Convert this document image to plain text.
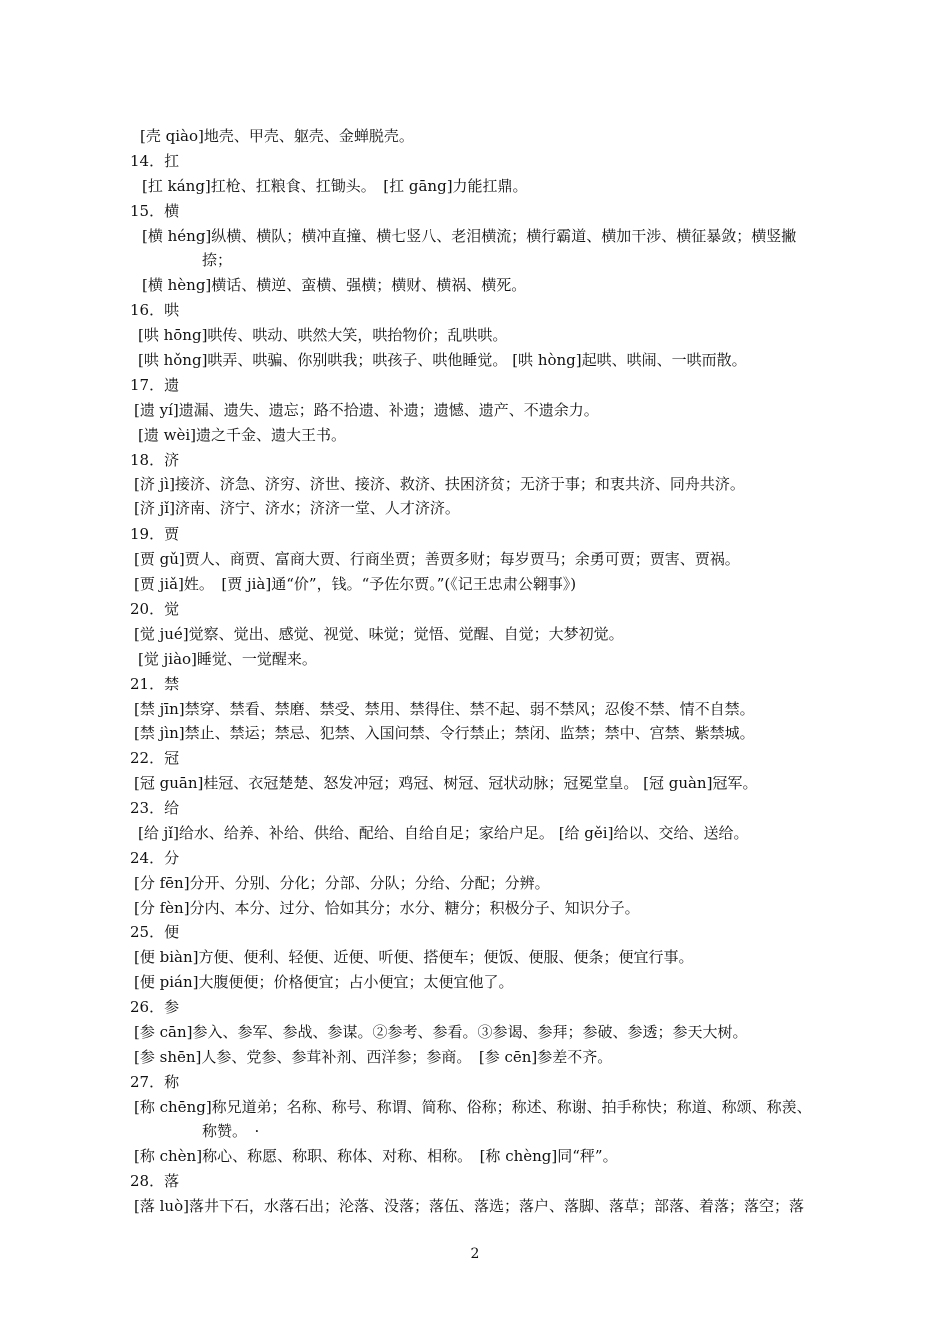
[壳 qiào]地壳、甲壳、躯壳、金蝉脱壳。
14．扛
[扛 káng]扛枪、扛粮食、扛锄头。　[扛 gāng]力能扛鼎。
15．横
[横 héng]纵横、横队；横冲直撞、横七竖八、老泪横流；横行霸道、横加干涉、横征暴敛；横竖撇
捺；
[横 hèng]横话、横逆、蛮横、强横；横财、横祸、横死。
16．哄
[哄 hōng]哄传、哄动、哄然大笑，哄抬物价；乱哄哄。
[哄 hǒng]哄弄、哄骗、你别哄我；哄孩子、哄他睡觉。 [哄 hòng]起哄、哄闹、一哄而散。
17．遗
[遗 yí]遗漏、遗失、遗忘；路不拾遗、补遗；遗憾、遗产、不遗余力。
[遗 wèi]遗之千金、遗大王书。
18．济
[济 jì]接济、济急、济穷、济世、接济、救济、扶困济贫；无济于事；和衷共济、同舟共济。
[济 jǐ]济南、济宁、济水；济济一堂、人才济济。
19．贾
[贾 gǔ]贾人、商贾、富商大贾、行商坐贾；善贾多财；每岁贾马；余勇可贾；贾害、贾祸。
[贾 jiǎ]姓。　[贾 jià]通“价”，钱。“予佐尔贾。”(《记王忠肃公翱事》)
20．觉
[觉 jué]觉察、觉出、感觉、视觉、味觉；觉悟、觉醒、自觉；大梦初觉。
[觉 jiào]睡觉、一觉醒来。
21．禁
[禁 jīn]禁穿、禁看、禁磨、禁受、禁用、禁得住、禁不起、弱不禁风；忍俊不禁、情不自禁。
[禁 jìn]禁止、禁运；禁忌、犯禁、入国问禁、令行禁止；禁闭、监禁；禁中、宫禁、紫禁城。
22．冠
[冠 guān]桂冠、衣冠楚楚、怒发冲冠；鸡冠、树冠、冠状动脉；冠冕堂皇。 [冠 guàn]冠军。
23．给
[给 jǐ]给水、给养、补给、供给、配给、自给自足；家给户足。 [给 gěi]给以、交给、送给。
24．分
[分 fēn]分开、分别、分化；分部、分队；分给、分配；分辨。
[分 fèn]分内、本分、过分、恰如其分；水分、糖分；积极分子、知识分子。
25．便
[便 biàn]方便、便利、轻便、近便、听便、搭便车；便饭、便服、便条；便宜行事。
[便 pián]大腹便便；价格便宜；占小便宜；太便宜他了。
26．参
[参 cān]参入、参军、参战、参谋。②参考、参看。③参谒、参拜；参破、参透；参天大树。
[参 shēn]人参、党参、参茸补剂、西洋参；参商。　[参 cēn]参差不齐。
27．称
[称 chēng]称兄道弟；名称、称号、称谓、简称、俗称；称述、称谢、拍手称快；称道、称颂、称羡、
称赞。　·
[称 chèn]称心、称愿、称职、称体、对称、相称。　[称 chèng]同“秤”。
28．落
[落 luò]落井下石，水落石出；沦落、没落；落伍、落选；落户、落脚、落草；部落、着落；落空；落
2
